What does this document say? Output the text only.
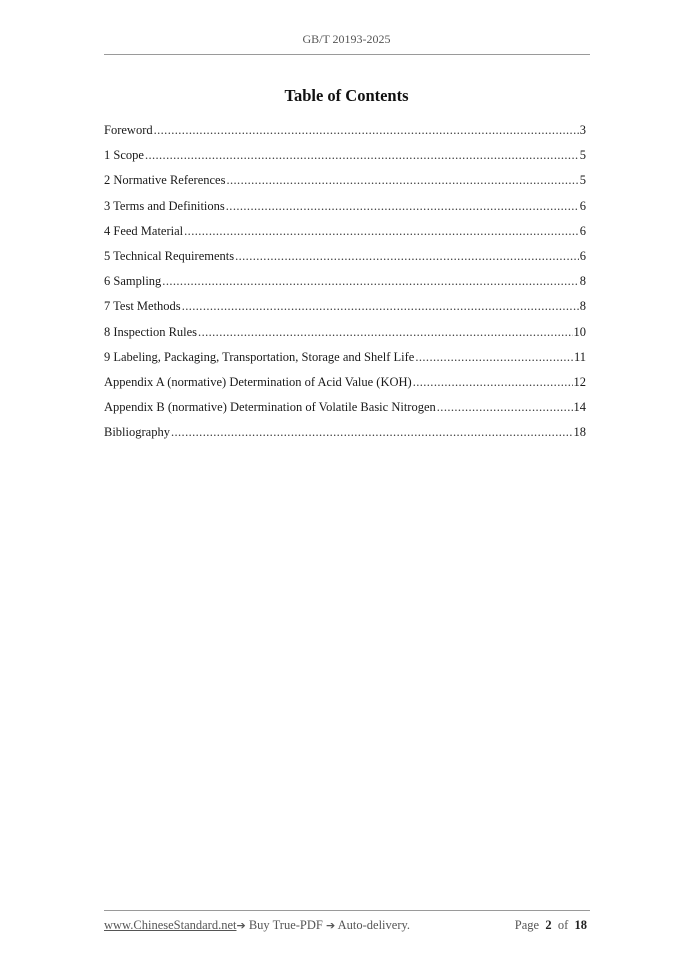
GB/T 20193-2025
Table of Contents
Foreword .....	3
1 Scope .....	5
2 Normative References .....	5
3 Terms and Definitions .....	6
4 Feed Material .....	6
5 Technical Requirements .....	6
6 Sampling .....	8
7 Test Methods .....	8
8 Inspection Rules .....	10
9 Labeling, Packaging, Transportation, Storage and Shelf Life .....	11
Appendix A (normative) Determination of Acid Value (KOH) .....	12
Appendix B (normative) Determination of Volatile Basic Nitrogen .....	14
Bibliography .....	18
www.ChineseStandard.net➔ Buy True-PDF ➔ Auto-delivery.	Page 2 of 18
